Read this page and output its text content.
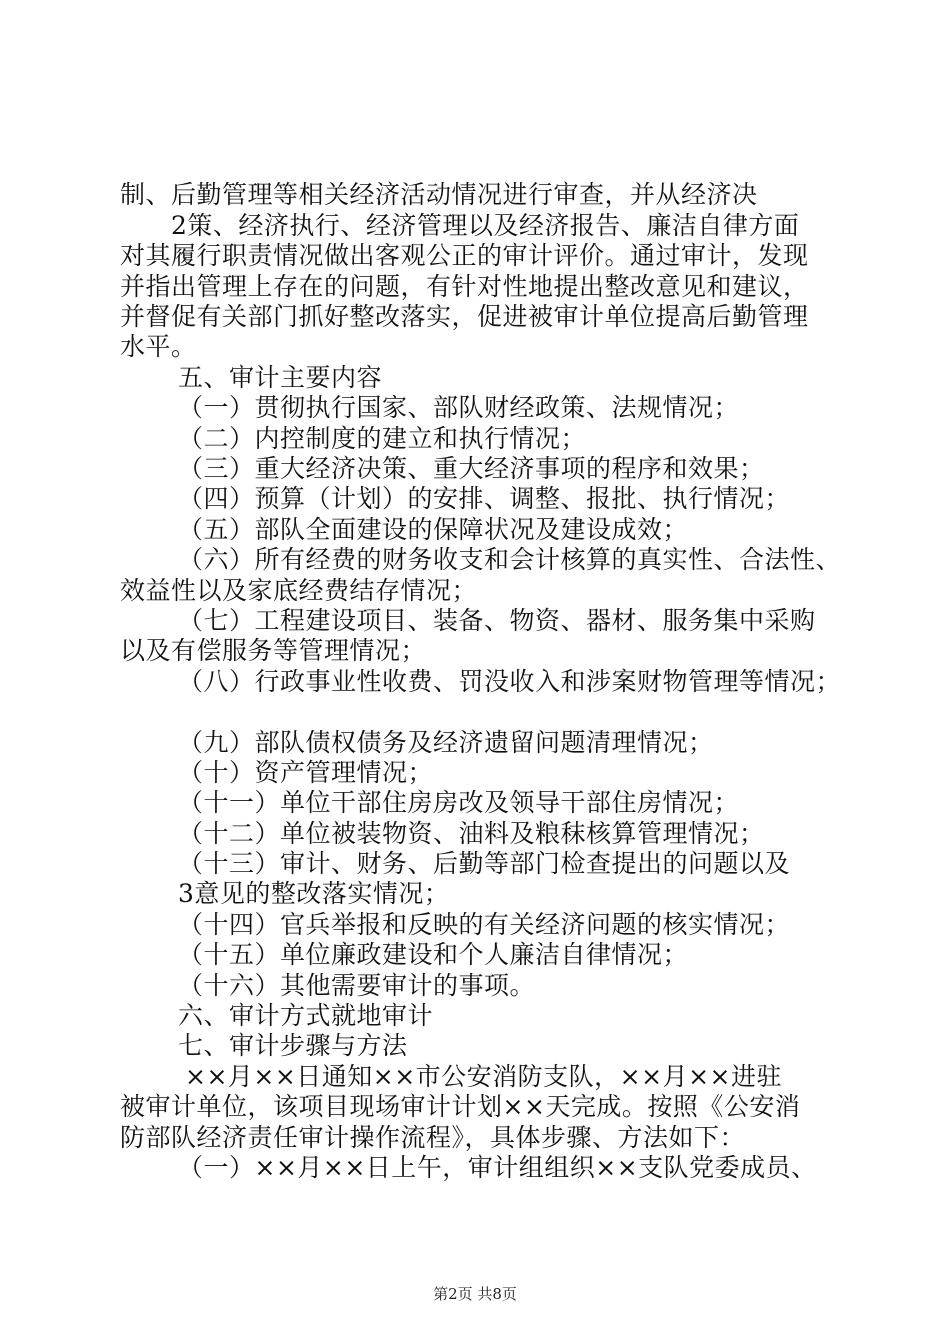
制、后勤管理等相关经济活动情况进行审查，并从经济决
2策、经济执行、经济管理以及经济报告、廉洁自律方面
对其履行职责情况做出客观公正的审计评价。通过审计，发现
并指出管理上存在的问题，有针对性地提出整改意见和建议，
并督促有关部门抓好整改落实，促进被审计单位提高后勤管理
水平。
五、审计主要内容
（一）贯彻执行国家、部队财经政策、法规情况；
（二）内控制度的建立和执行情况；
（三）重大经济决策、重大经济事项的程序和效果；
（四）预算（计划）的安排、调整、报批、执行情况；
（五）部队全面建设的保障状况及建设成效；
（六）所有经费的财务收支和会计核算的真实性、合法性、
效益性以及家底经费结存情况；
（七）工程建设项目、装备、物资、器材、服务集中采购
以及有偿服务等管理情况；
（八）行政事业性收费、罚没收入和涉案财物管理等情况；
（九）部队债权债务及经济遗留问题清理情况；
（十）资产管理情况；
（十一）单位干部住房房改及领导干部住房情况；
（十二）单位被装物资、油料及粮秣核算管理情况；
（十三）审计、财务、后勤等部门检查提出的问题以及
3意见的整改落实情况；
（十四）官兵举报和反映的有关经济问题的核实情况；
（十五）单位廉政建设和个人廉洁自律情况；
（十六）其他需要审计的事项。
六、审计方式就地审计
七、审计步骤与方法
××月××日通知××市公安消防支队，××月××进驻
被审计单位，该项目现场审计计划××天完成。按照《公安消
防部队经济责任审计操作流程》，具体步骤、方法如下：
（一）××月××日上午，审计组组织××支队党委成员、
第2页 共8页
